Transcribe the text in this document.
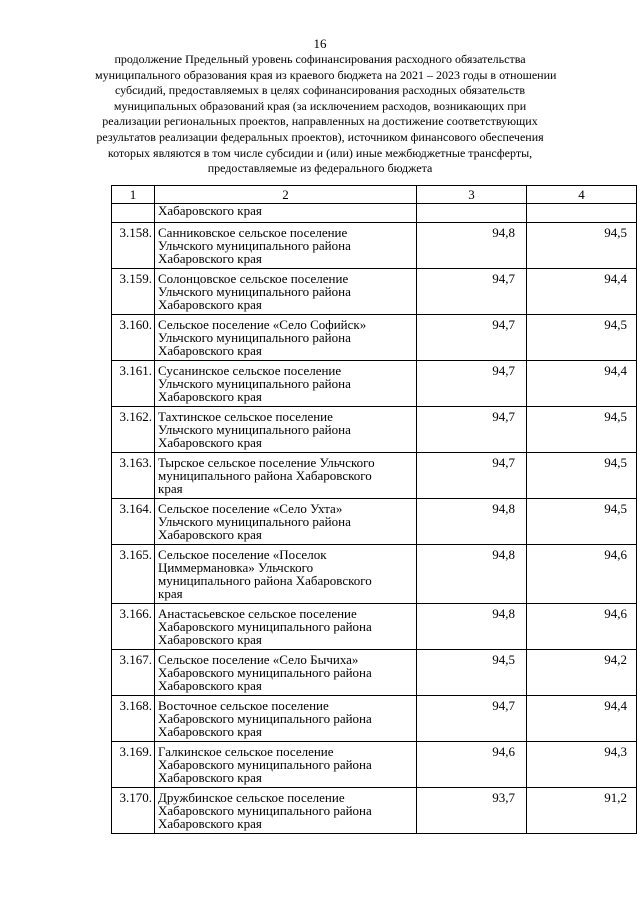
16
продолжение Предельный уровень софинансирования расходного обязательства
муниципального образования края из краевого бюджета на 2021 – 2023 годы в отношении
субсидий, предоставляемых в целях софинансирования расходных обязательств
муниципальных образований края (за исключением расходов, возникающих при
реализации региональных проектов, направленных на достижение соответствующих
результатов реализации федеральных проектов), источником финансового обеспечения
которых являются в том числе субсидии и (или) иные межбюджетные трансферты,
предоставляемые из федерального бюджета
1	2	3	4

	Хабаровского края		

3.158.	Санниковское сельское поселение
Ульчского муниципального района
Хабаровского края	94,8	94,5
3.159.	Солонцовское сельское поселение
Ульчского муниципального района
Хабаровского края	94,7	94,4
3.160.	Сельское поселение «Село Софийск»
Ульчского муниципального района
Хабаровского края	94,7	94,5
3.161.	Сусанинское сельское поселение
Ульчского муниципального района
Хабаровского края	94,7	94,4
3.162.	Тахтинское сельское поселение
Ульчского муниципального района
Хабаровского края	94,7	94,5
3.163.	Тырское сельское поселение Ульчского
муниципального района Хабаровского
края	94,7	94,5
3.164.	Сельское поселение «Село Ухта»
Ульчского муниципального района
Хабаровского края	94,8	94,5
3.165.	Сельское поселение «Поселок
Циммермановка» Ульчского
муниципального района Хабаровского
края	94,8	94,6
3.166.	Анастасьевское сельское поселение
Хабаровского муниципального района
Хабаровского края	94,8	94,6
3.167.	Сельское поселение «Село Бычиха»
Хабаровского муниципального района
Хабаровского края	94,5	94,2
3.168.	Восточное сельское поселение
Хабаровского муниципального района
Хабаровского края	94,7	94,4
3.169.	Галкинское сельское поселение
Хабаровского муниципального района
Хабаровского края	94,6	94,3
3.170.	Дружбинское сельское поселение
Хабаровского муниципального района
Хабаровского края	93,7	91,2
